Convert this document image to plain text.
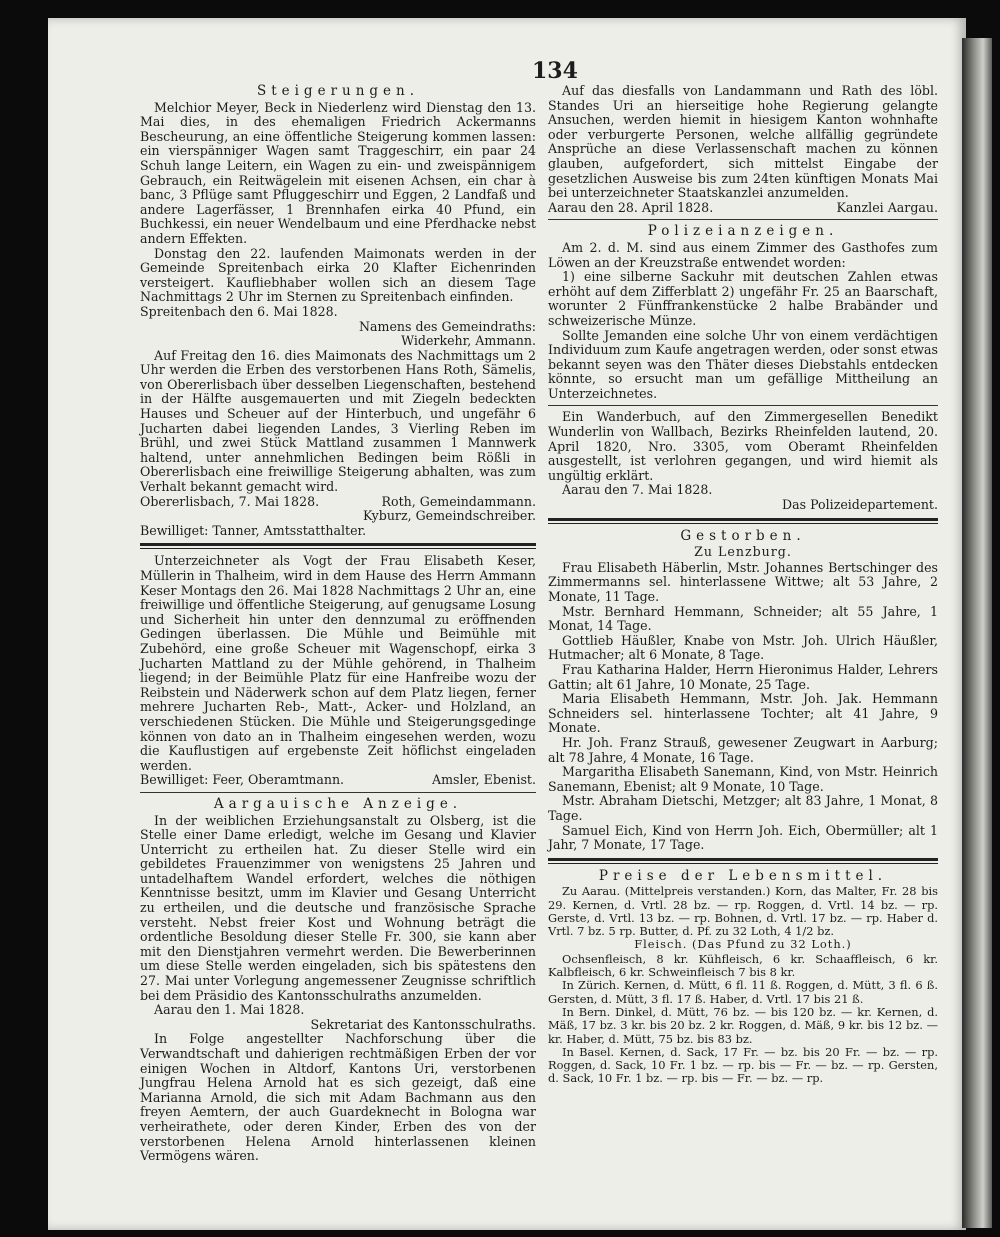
134
Steigerungen.

Melchior Meyer, Beck in Niederlenz wird Dienstag den 13. Mai dies, in des ehemaligen Friedrich Ackermanns Bescheurung, an eine öffentliche Steigerung kommen lassen: ein vierspänniger Wagen samt Traggeschirr, ein paar 24 Schuh lange Leitern, ein Wagen zu ein- und zweispännigem Gebrauch, ein Reitwägelein mit eisenen Achsen, ein char à banc, 3 Pflüge samt Pfluggeschirr und Eggen, 2 Landfaß und andere Lagerfässer, 1 Brennhafen eirka 40 Pfund, ein Buchkessi, ein neuer Wendelbaum und eine Pferdhacke nebst andern Effekten.

Donstag den 22. laufenden Maimonats werden in der Gemeinde Spreitenbach eirka 20 Klafter Eichenrinden versteigert. Kaufliebhaber wollen sich an diesem Tage Nachmittags 2 Uhr im Sternen zu Spreitenbach einfinden.

Spreitenbach den 6. Mai 1828.

Namens des Gemeindraths:
Widerkehr, Ammann.

Auf Freitag den 16. dies Maimonats des Nachmittags um 2 Uhr werden die Erben des verstorbenen Hans Roth, Sämelis, von Obererlisbach über desselben Liegenschaften, bestehend in der Hälfte ausgemauerten und mit Ziegeln bedeckten Hauses und Scheuer auf der Hinterbuch, und ungefähr 6 Jucharten dabei liegenden Landes, 3 Vierling Reben im Brühl, und zwei Stück Mattland zusammen 1 Mannwerk haltend, unter annehmlichen Bedingen beim Rößli in Obererlisbach eine freiwillige Steigerung abhalten, was zum Verhalt bekannt gemacht wird.

Obererlisbach, 7. Mai 1828.	Roth, Gemeindammann.
Kyburz, Gemeindschreiber.
Bewilliget: Tanner, Amtsstatthalter.

Unterzeichneter als Vogt der Frau Elisabeth Keser, Müllerin in Thalheim, wird in dem Hause des Herrn Ammann Keser Montags den 26. Mai 1828 Nachmittags 2 Uhr an, eine freiwillige und öffentliche Steigerung, auf genugsame Losung und Sicherheit hin unter den dennzumal zu eröffnenden Gedingen überlassen. Die Mühle und Beimühle mit Zubehörd, eine große Scheuer mit Wagenschopf, eirka 3 Jucharten Mattland zu der Mühle gehörend, in Thalheim liegend; in der Beimühle Platz für eine Hanfreibe wozu der Reibstein und Näderwerk schon auf dem Platz liegen, ferner mehrere Jucharten Reb-, Matt-, Acker- und Holzland, an verschiedenen Stücken. Die Mühle und Steigerungsgedinge können von dato an in Thalheim eingesehen werden, wozu die Kauflustigen auf ergebenste Zeit höflichst eingeladen werden.

Bewilliget: Feer, Oberamtmann.	Amsler, Ebenist.
Aargauische Anzeige.

In der weiblichen Erziehungsanstalt zu Olsberg, ist die Stelle einer Dame erledigt, welche im Gesang und Klavier Unterricht zu ertheilen hat. Zu dieser Stelle wird ein gebildetes Frauenzimmer von wenigstens 25 Jahren und untadelhaftem Wandel erfordert, welches die nöthigen Kenntnisse besitzt, umm im Klavier und Gesang Unterricht zu ertheilen, und die deutsche und französische Sprache versteht. Nebst freier Kost und Wohnung beträgt die ordentliche Besoldung dieser Stelle Fr. 300, sie kann aber mit den Dienstjahren vermehrt werden. Die Bewerberinnen um diese Stelle werden eingeladen, sich bis spätestens den 27. Mai unter Vorlegung angemessener Zeugnisse schriftlich bei dem Präsidio des Kantonsschulraths anzumelden.

Aarau den 1. Mai 1828.

Sekretariat des Kantonsschulraths.

In Folge angestellter Nachforschung über die Verwandtschaft und dahierigen rechtmäßigen Erben der vor einigen Wochen in Altdorf, Kantons Uri, verstorbenen Jungfrau Helena Arnold hat es sich gezeigt, daß eine Marianna Arnold, die sich mit Adam Bachmann aus den freyen Aemtern, der auch Guardeknecht in Bologna war verheirathete, oder deren Kinder, Erben des von der verstorbenen Helena Arnold hinterlassenen kleinen Vermögens wären.

Auf das diesfalls von Landammann und Rath des löbl. Standes Uri an hierseitige hohe Regierung gelangte Ansuchen, werden hiemit in hiesigem Kanton wohnhafte oder verburgerte Personen, welche allfällig gegründete Ansprüche an diese Verlassenschaft machen zu können glauben, aufgefordert, sich mittelst Eingabe der gesetzlichen Ausweise bis zum 24ten künftigen Monats Mai bei unterzeichneter Staatskanzlei anzumelden.

Aarau den 28. April 1828.	Kanzlei Aargau.
Polizeianzeigen.

Am 2. d. M. sind aus einem Zimmer des Gasthofes zum Löwen an der Kreuzstraße entwendet worden:

1) eine silberne Sackuhr mit deutschen Zahlen etwas erhöht auf dem Zifferblatt 2) ungefähr Fr. 25 an Baarschaft, worunter 2 Fünffrankenstücke 2 halbe Brabänder und schweizerische Münze.

Sollte Jemanden eine solche Uhr von einem verdächtigen Individuum zum Kaufe angetragen werden, oder sonst etwas bekannt seyen was den Thäter dieses Diebstahls entdecken könnte, so ersucht man um gefällige Mittheilung an Unterzeichnetes.

Ein Wanderbuch, auf den Zimmergesellen Benedikt Wunderlin von Wallbach, Bezirks Rheinfelden lautend, 20. April 1820, Nro. 3305, vom Oberamt Rheinfelden ausgestellt, ist verlohren gegangen, und wird hiemit als ungültig erklärt.

Aarau den 7. Mai 1828.

Das Polizeidepartement.
Gestorben.
Zu Lenzburg.

Frau Elisabeth Häberlin, Mstr. Johannes Bertschinger des Zimmermanns sel. hinterlassene Wittwe; alt 53 Jahre, 2 Monate, 11 Tage.

Mstr. Bernhard Hemmann, Schneider; alt 55 Jahre, 1 Monat, 14 Tage.

Gottlieb Häußler, Knabe von Mstr. Joh. Ulrich Häußler, Hutmacher; alt 6 Monate, 8 Tage.

Frau Katharina Halder, Herrn Hieronimus Halder, Lehrers Gattin; alt 61 Jahre, 10 Monate, 25 Tage.

Maria Elisabeth Hemmann, Mstr. Joh. Jak. Hemmann Schneiders sel. hinterlassene Tochter; alt 41 Jahre, 9 Monate.

Hr. Joh. Franz Strauß, gewesener Zeugwart in Aarburg; alt 78 Jahre, 4 Monate, 16 Tage.

Margaritha Elisabeth Sanemann, Kind, von Mstr. Heinrich Sanemann, Ebenist; alt 9 Monate, 10 Tage.

Mstr. Abraham Dietschi, Metzger; alt 83 Jahre, 1 Monat, 8 Tage.

Samuel Eich, Kind von Herrn Joh. Eich, Obermüller; alt 1 Jahr, 7 Monate, 17 Tage.

Preise der Lebensmittel.

Zu Aarau. (Mittelpreis verstanden.) Korn, das Malter, Fr. 28 bis 29. Kernen, d. Vrtl. 28 bz. — rp. Roggen, d. Vrtl. 14 bz. — rp. Gerste, d. Vrtl. 13 bz. — rp. Bohnen, d. Vrtl. 17 bz. — rp. Haber d. Vrtl. 7 bz. 5 rp. Butter, d. Pf. zu 32 Loth, 4 1/2 bz.

Fleisch. (Das Pfund zu 32 Loth.)

Ochsenfleisch, 8 kr. Kühfleisch, 6 kr. Schaaffleisch, 6 kr. Kalbfleisch, 6 kr. Schweinfleisch 7 bis 8 kr.

In Zürich. Kernen, d. Mütt, 6 fl. 11 ß. Roggen, d. Mütt, 3 fl. 6 ß. Gersten, d. Mütt, 3 fl. 17 ß. Haber, d. Vrtl. 17 bis 21 ß.

In Bern. Dinkel, d. Mütt, 76 bz. — bis 120 bz. — kr. Kernen, d. Mäß, 17 bz. 3 kr. bis 20 bz. 2 kr. Roggen, d. Mäß, 9 kr. bis 12 bz. — kr. Haber, d. Mütt, 75 bz. bis 83 bz.

In Basel. Kernen, d. Sack, 17 Fr. — bz. bis 20 Fr. — bz. — rp. Roggen, d. Sack, 10 Fr. 1 bz. — rp. bis — Fr. — bz. — rp. Gersten, d. Sack, 10 Fr. 1 bz. — rp. bis — Fr. — bz. — rp.
